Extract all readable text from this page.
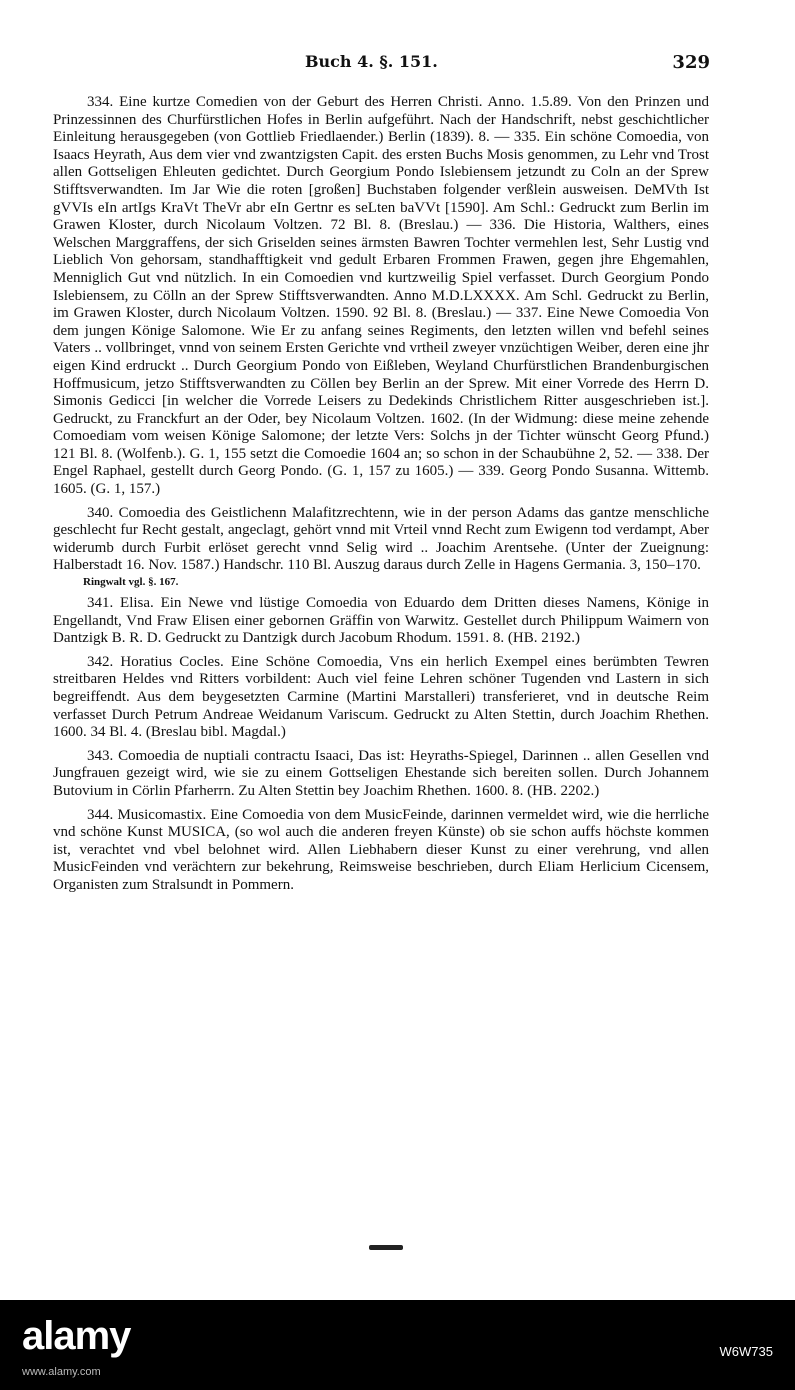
Buch 4. §. 151.	329

334. Eine kurtze Comedien von der Geburt des Herren Christi. Anno. 1.5.89. Von den Prinzen und Prinzessinnen des Churfürstlichen Hofes in Berlin aufgeführt. Nach der Handschrift, nebst geschichtlicher Einleitung herausgegeben (von Gottlieb Friedlaender.) Berlin (1839). 8. — 335. Ein schöne Comoedia, von Isaacs Heyrath, Aus dem vier vnd zwantzigsten Capit. des ersten Buchs Mosis genommen, zu Lehr vnd Trost allen Gottseligen Ehleuten gedichtet. Durch Georgium Pondo Islebiensem jetzundt zu Coln an der Sprew Stifftsverwandten. Im Jar Wie die roten [großen] Buchstaben folgender verßlein ausweisen. DeMVth Ist gVVIs eIn artIgs KraVt TheVr abr eIn Gertnr es seLten baVVt [1590]. Am Schl.: Gedruckt zum Berlin im Grawen Kloster, durch Nicolaum Voltzen. 72 Bl. 8. (Breslau.) — 336. Die Historia, Walthers, eines Welschen Marggraffens, der sich Griselden seines ärmsten Bawren Tochter vermehlen lest, Sehr Lustig vnd Lieblich Von gehorsam, standhafftigkeit vnd gedult Erbaren Frommen Frawen, gegen jhre Ehgemahlen, Menniglich Gut vnd nützlich. In ein Comoedien vnd kurtzweilig Spiel verfasset. Durch Georgium Pondo Islebiensem, zu Cölln an der Sprew Stifftsverwandten. Anno M.D.LXXXX. Am Schl. Gedruckt zu Berlin, im Grawen Kloster, durch Nicolaum Voltzen. 1590. 92 Bl. 8. (Breslau.) — 337. Eine Newe Comoedia Von dem jungen Könige Salomone. Wie Er zu anfang seines Regiments, den letzten willen vnd befehl seines Vaters .. vollbringet, vnnd von seinem Ersten Gerichte vnd vrtheil zweyer vnzüchtigen Weiber, deren eine jhr eigen Kind erdruckt .. Durch Georgium Pondo von Eißleben, Weyland Churfürstlichen Brandenburgischen Hoffmusicum, jetzo Stifftsverwandten zu Cöllen bey Berlin an der Sprew. Mit einer Vorrede des Herrn D. Simonis Gedicci [in welcher die Vorrede Leisers zu Dedekinds Christlichem Ritter ausgeschrieben ist.]. Gedruckt, zu Franckfurt an der Oder, bey Nicolaum Voltzen. 1602. (In der Widmung: diese meine zehende Comoediam vom weisen Könige Salomone; der letzte Vers: Solchs jn der Tichter wünscht Georg Pfund.) 121 Bl. 8. (Wolfenb.). G. 1, 155 setzt die Comoedie 1604 an; so schon in der Schaubühne 2, 52. — 338. Der Engel Raphael, gestellt durch Georg Pondo. (G. 1, 157 zu 1605.) — 339. Georg Pondo Susanna. Wittemb. 1605. (G. 1, 157.)

340. Comoedia des Geistlichenn Malafitzrechtenn, wie in der person Adams das gantze menschliche geschlecht fur Recht gestalt, angeclagt, gehört vnnd mit Vrteil vnnd Recht zum Ewigenn tod verdampt, Aber widerumb durch Furbit erlöset gerecht vnnd Selig wird .. Joachim Arentsehe. (Unter der Zueignung: Halberstadt 16. Nov. 1587.) Handschr. 110 Bl. Auszug daraus durch Zelle in Hagens Germania. 3, 150–170.

Ringwalt vgl. §. 167.

341. Elisa. Ein Newe vnd lüstige Comoedia von Eduardo dem Dritten dieses Namens, Könige in Engellandt, Vnd Fraw Elisen einer gebornen Gräffin von Warwitz. Gestellet durch Philippum Waimern von Dantzigk B. R. D. Gedruckt zu Dantzigk durch Jacobum Rhodum. 1591. 8. (HB. 2192.)

342. Horatius Cocles. Eine Schöne Comoedia, Vns ein herlich Exempel eines berümbten Tewren streitbaren Heldes vnd Ritters vorbildent: Auch viel feine Lehren schöner Tugenden vnd Lastern in sich begreiffendt. Aus dem beygesetzten Carmine (Martini Marstalleri) transferieret, vnd in deutsche Reim verfasset Durch Petrum Andreae Weidanum Variscum. Gedruckt zu Alten Stettin, durch Joachim Rhethen. 1600. 34 Bl. 4. (Breslau bibl. Magdal.)

343. Comoedia de nuptiali contractu Isaaci, Das ist: Heyraths-Spiegel, Darinnen .. allen Gesellen vnd Jungfrauen gezeigt wird, wie sie zu einem Gottseligen Ehestande sich bereiten sollen. Durch Johannem Butovium in Cörlin Pfarherrn. Zu Alten Stettin bey Joachim Rhethen. 1600. 8. (HB. 2202.)

344. Musicomastix. Eine Comoedia von dem MusicFeinde, darinnen vermeldet wird, wie die herrliche vnd schöne Kunst MUSICA, (so wol auch die anderen freyen Künste) ob sie schon auffs höchste kommen ist, verachtet vnd vbel belohnet wird. Allen Liebhabern dieser Kunst zu einer verehrung, vnd allen MusicFeinden vnd verächtern zur bekehrung, Reimsweise beschrieben, durch Eliam Herlicium Cicensem, Organisten zum Stralsundt in Pommern.

alamy
www.alamy.com
W6W735
